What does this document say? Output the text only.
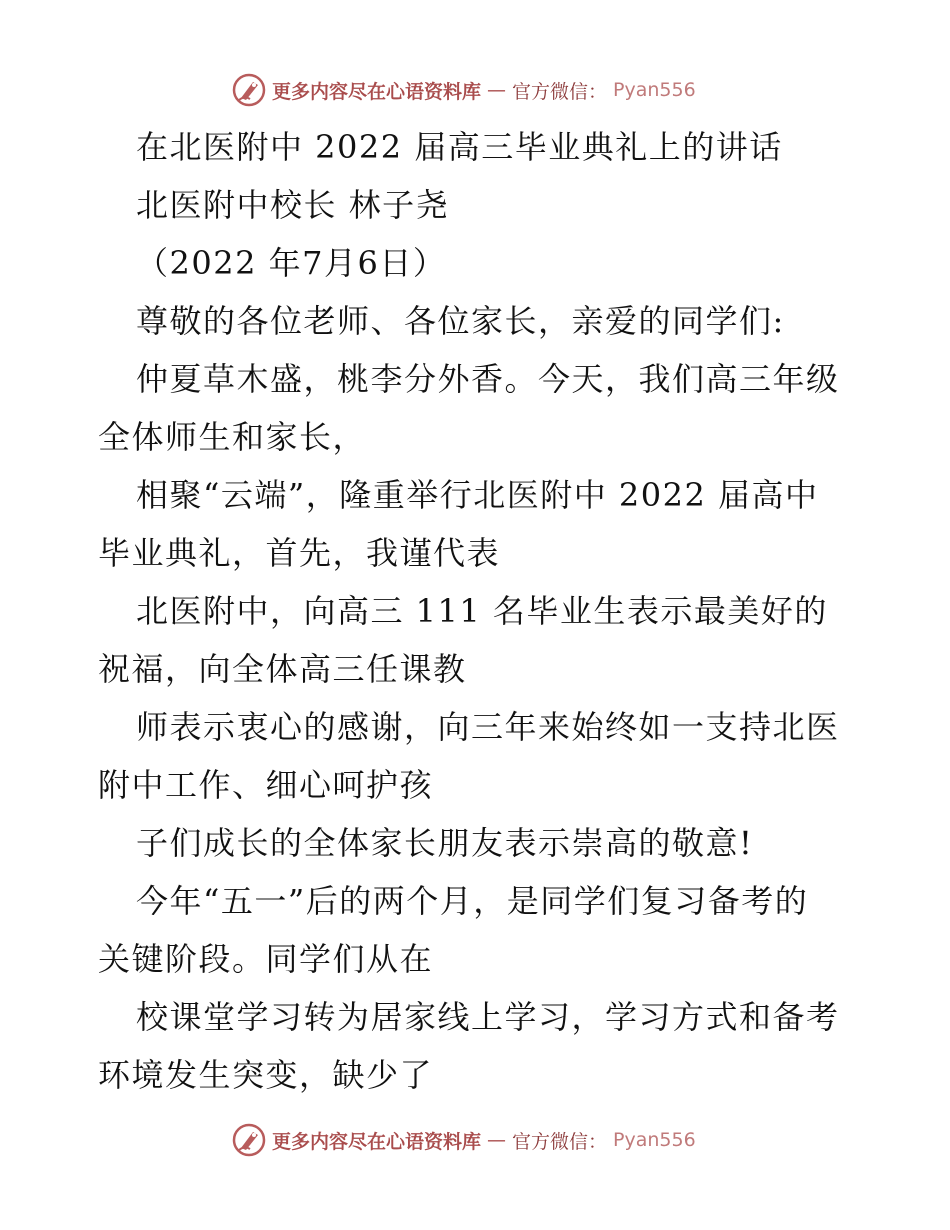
更多内容尽在心语资料库 — 官方微信： Pyan556
在北医附中 2022 届高三毕业典礼上的讲话
北医附中校长 林子尧
（2022 年7月6日）
尊敬的各位老师、各位家长，亲爱的同学们:
仲夏草木盛，桃李分外香。今天，我们高三年级
全体师生和家长，
相聚“云端”，隆重举行北医附中 2022 届高中
毕业典礼，首先，我谨代表
北医附中，向高三 111 名毕业生表示最美好的
祝福，向全体高三任课教
师表示衷心的感谢，向三年来始终如一支持北医
附中工作、细心呵护孩
子们成长的全体家长朋友表示崇高的敬意!
今年“五一”后的两个月，是同学们复习备考的
关键阶段。同学们从在
校课堂学习转为居家线上学习，学习方式和备考
环境发生突变，缺少了
更多内容尽在心语资料库 — 官方微信： Pyan556
